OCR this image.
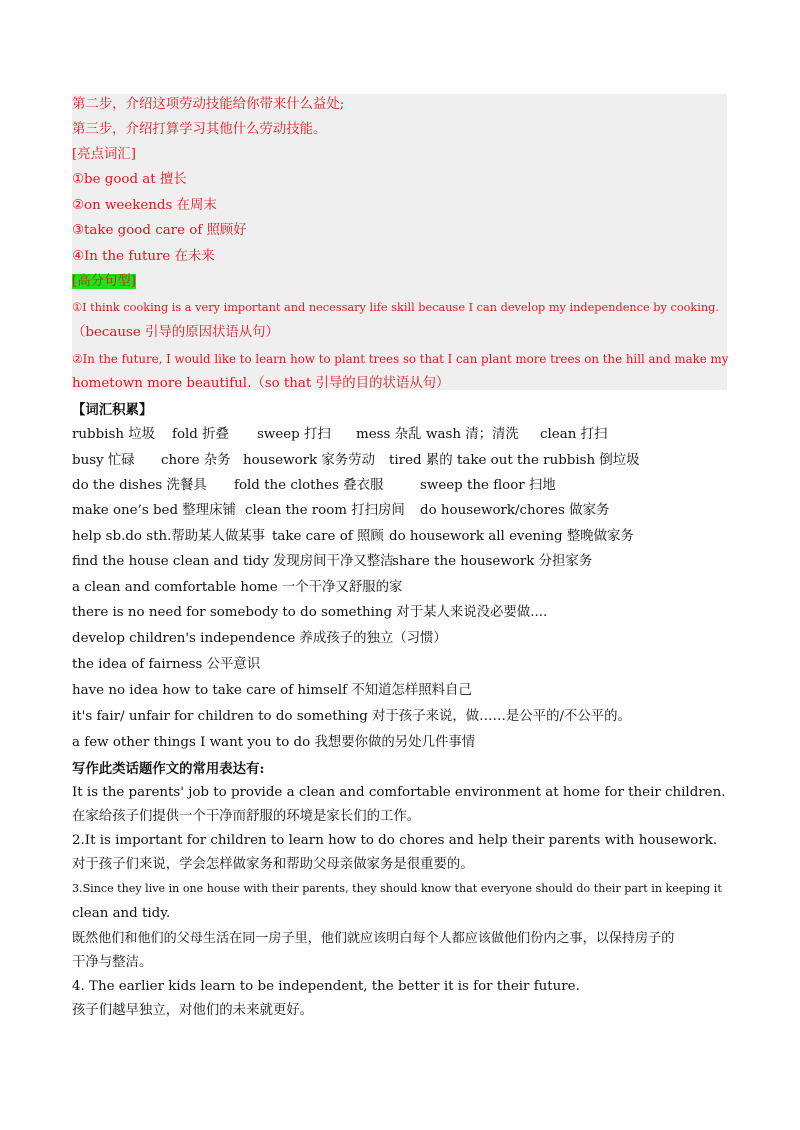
第二步，介绍这项劳动技能给你带来什么益处;
第三步，介绍打算学习其他什么劳动技能。
[亮点词汇]
①be good at 擅长
②on weekends 在周末
③take good care of 照顾好
④In the future 在未来
[高分句型]
①I think cooking is a very important and necessary life skill because I can develop my independence by cooking.
（because 引导的原因状语从句）
②In the future, I would like to learn how to plant trees so that I can plant more trees on the hill and make my
hometown more beautiful.（so that 引导的目的状语从句）
【词汇积累】
rubbish 垃圾 fold 折叠 sweep 打扫 mess 杂乱 wash 清；清洗 clean 打扫
busy 忙碌 chore 杂务 housework 家务劳动 tired 累的 take out the rubbish 倒垃圾
do the dishes 洗餐具 fold the clothes 叠衣服	sweep the floor 扫地
make one’s bed 整理床铺 clean the room 打扫房间 do housework/chores 做家务
help sb.do sth.帮助某人做某事 take care of 照顾 do housework all evening 整晚做家务
find the house clean and tidy 发现房间干净又整洁
share the housework 分担家务
a clean and comfortable home 一个干净又舒服的家
there is no need for somebody to do something 对于某人来说没必要做....
develop children's independence 养成孩子的独立（习惯）
the idea of fairness 公平意识
have no idea how to take care of himself 不知道怎样照料自己
it's fair/ unfair for children to do something 对于孩子来说，做……是公平的/不公平的。
a few other things I want you to do 我想要你做的另处几件事情
写作此类话题作文的常用表达有:
It is the parents' job to provide a clean and comfortable environment at home for their children.
在家给孩子们提供一个干净而舒服的环境是家长们的工作。
2.It is important for children to learn how to do chores and help their parents with housework.
对于孩子们来说，学会怎样做家务和帮助父母亲做家务是很重要的。
3.Since they live in one house with their parents, they should know that everyone should do their part in keeping it
clean and tidy.
既然他们和他们的父母生活在同一房子里，他们就应该明白每个人都应该做他们份内之事，以保持房子的
干净与整洁。
4. The earlier kids learn to be independent, the better it is for their future.
孩子们越早独立，对他们的未来就更好。
